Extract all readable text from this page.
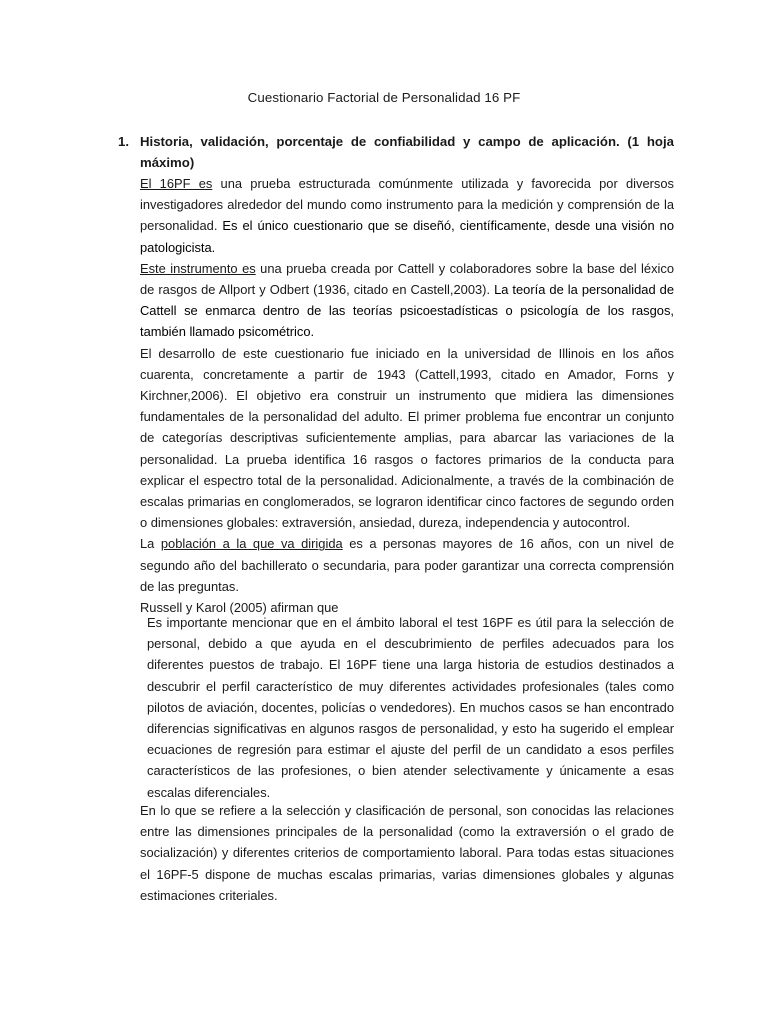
Cuestionario Factorial de Personalidad 16 PF
1. Historia, validación, porcentaje de confiabilidad y campo de aplicación. (1 hoja máximo)

El 16PF es una prueba estructurada comúnmente utilizada y favorecida por diversos investigadores alrededor del mundo como instrumento para la medición y comprensión de la personalidad. Es el único cuestionario que se diseñó, científicamente, desde una visión no patologicista.

Este instrumento es una prueba creada por Cattell y colaboradores sobre la base del léxico de rasgos de Allport y Odbert (1936, citado en Castell,2003). La teoría de la personalidad de Cattell se enmarca dentro de las teorías psicoestadísticas o psicología de los rasgos, también llamado psicométrico.

El desarrollo de este cuestionario fue iniciado en la universidad de Illinois en los años cuarenta, concretamente a partir de 1943 (Cattell,1993, citado en Amador, Forns y Kirchner,2006). El objetivo era construir un instrumento que midiera las dimensiones fundamentales de la personalidad del adulto. El primer problema fue encontrar un conjunto de categorías descriptivas suficientemente amplias, para abarcar las variaciones de la personalidad. La prueba identifica 16 rasgos o factores primarios de la conducta para explicar el espectro total de la personalidad. Adicionalmente, a través de la combinación de escalas primarias en conglomerados, se lograron identificar cinco factores de segundo orden o dimensiones globales: extraversión, ansiedad, dureza, independencia y autocontrol.

La población a la que va dirigida es a personas mayores de 16 años, con un nivel de segundo año del bachillerato o secundaria, para poder garantizar una correcta comprensión de las preguntas.

Russell y Karol (2005) afirman que

Es importante mencionar que en el ámbito laboral el test 16PF es útil para la selección de personal, debido a que ayuda en el descubrimiento de perfiles adecuados para los diferentes puestos de trabajo. El 16PF tiene una larga historia de estudios destinados a descubrir el perfil característico de muy diferentes actividades profesionales (tales como pilotos de aviación, docentes, policías o vendedores). En muchos casos se han encontrado diferencias significativas en algunos rasgos de personalidad, y esto ha sugerido el emplear ecuaciones de regresión para estimar el ajuste del perfil de un candidato a esos perfiles característicos de las profesiones, o bien atender selectivamente y únicamente a esas escalas diferenciales.
En lo que se refiere a la selección y clasificación de personal, son conocidas las relaciones entre las dimensiones principales de la personalidad (como la extraversión o el grado de socialización) y diferentes criterios de comportamiento laboral. Para todas estas situaciones el 16PF-5 dispone de muchas escalas primarias, varias dimensiones globales y algunas estimaciones criteriales.
